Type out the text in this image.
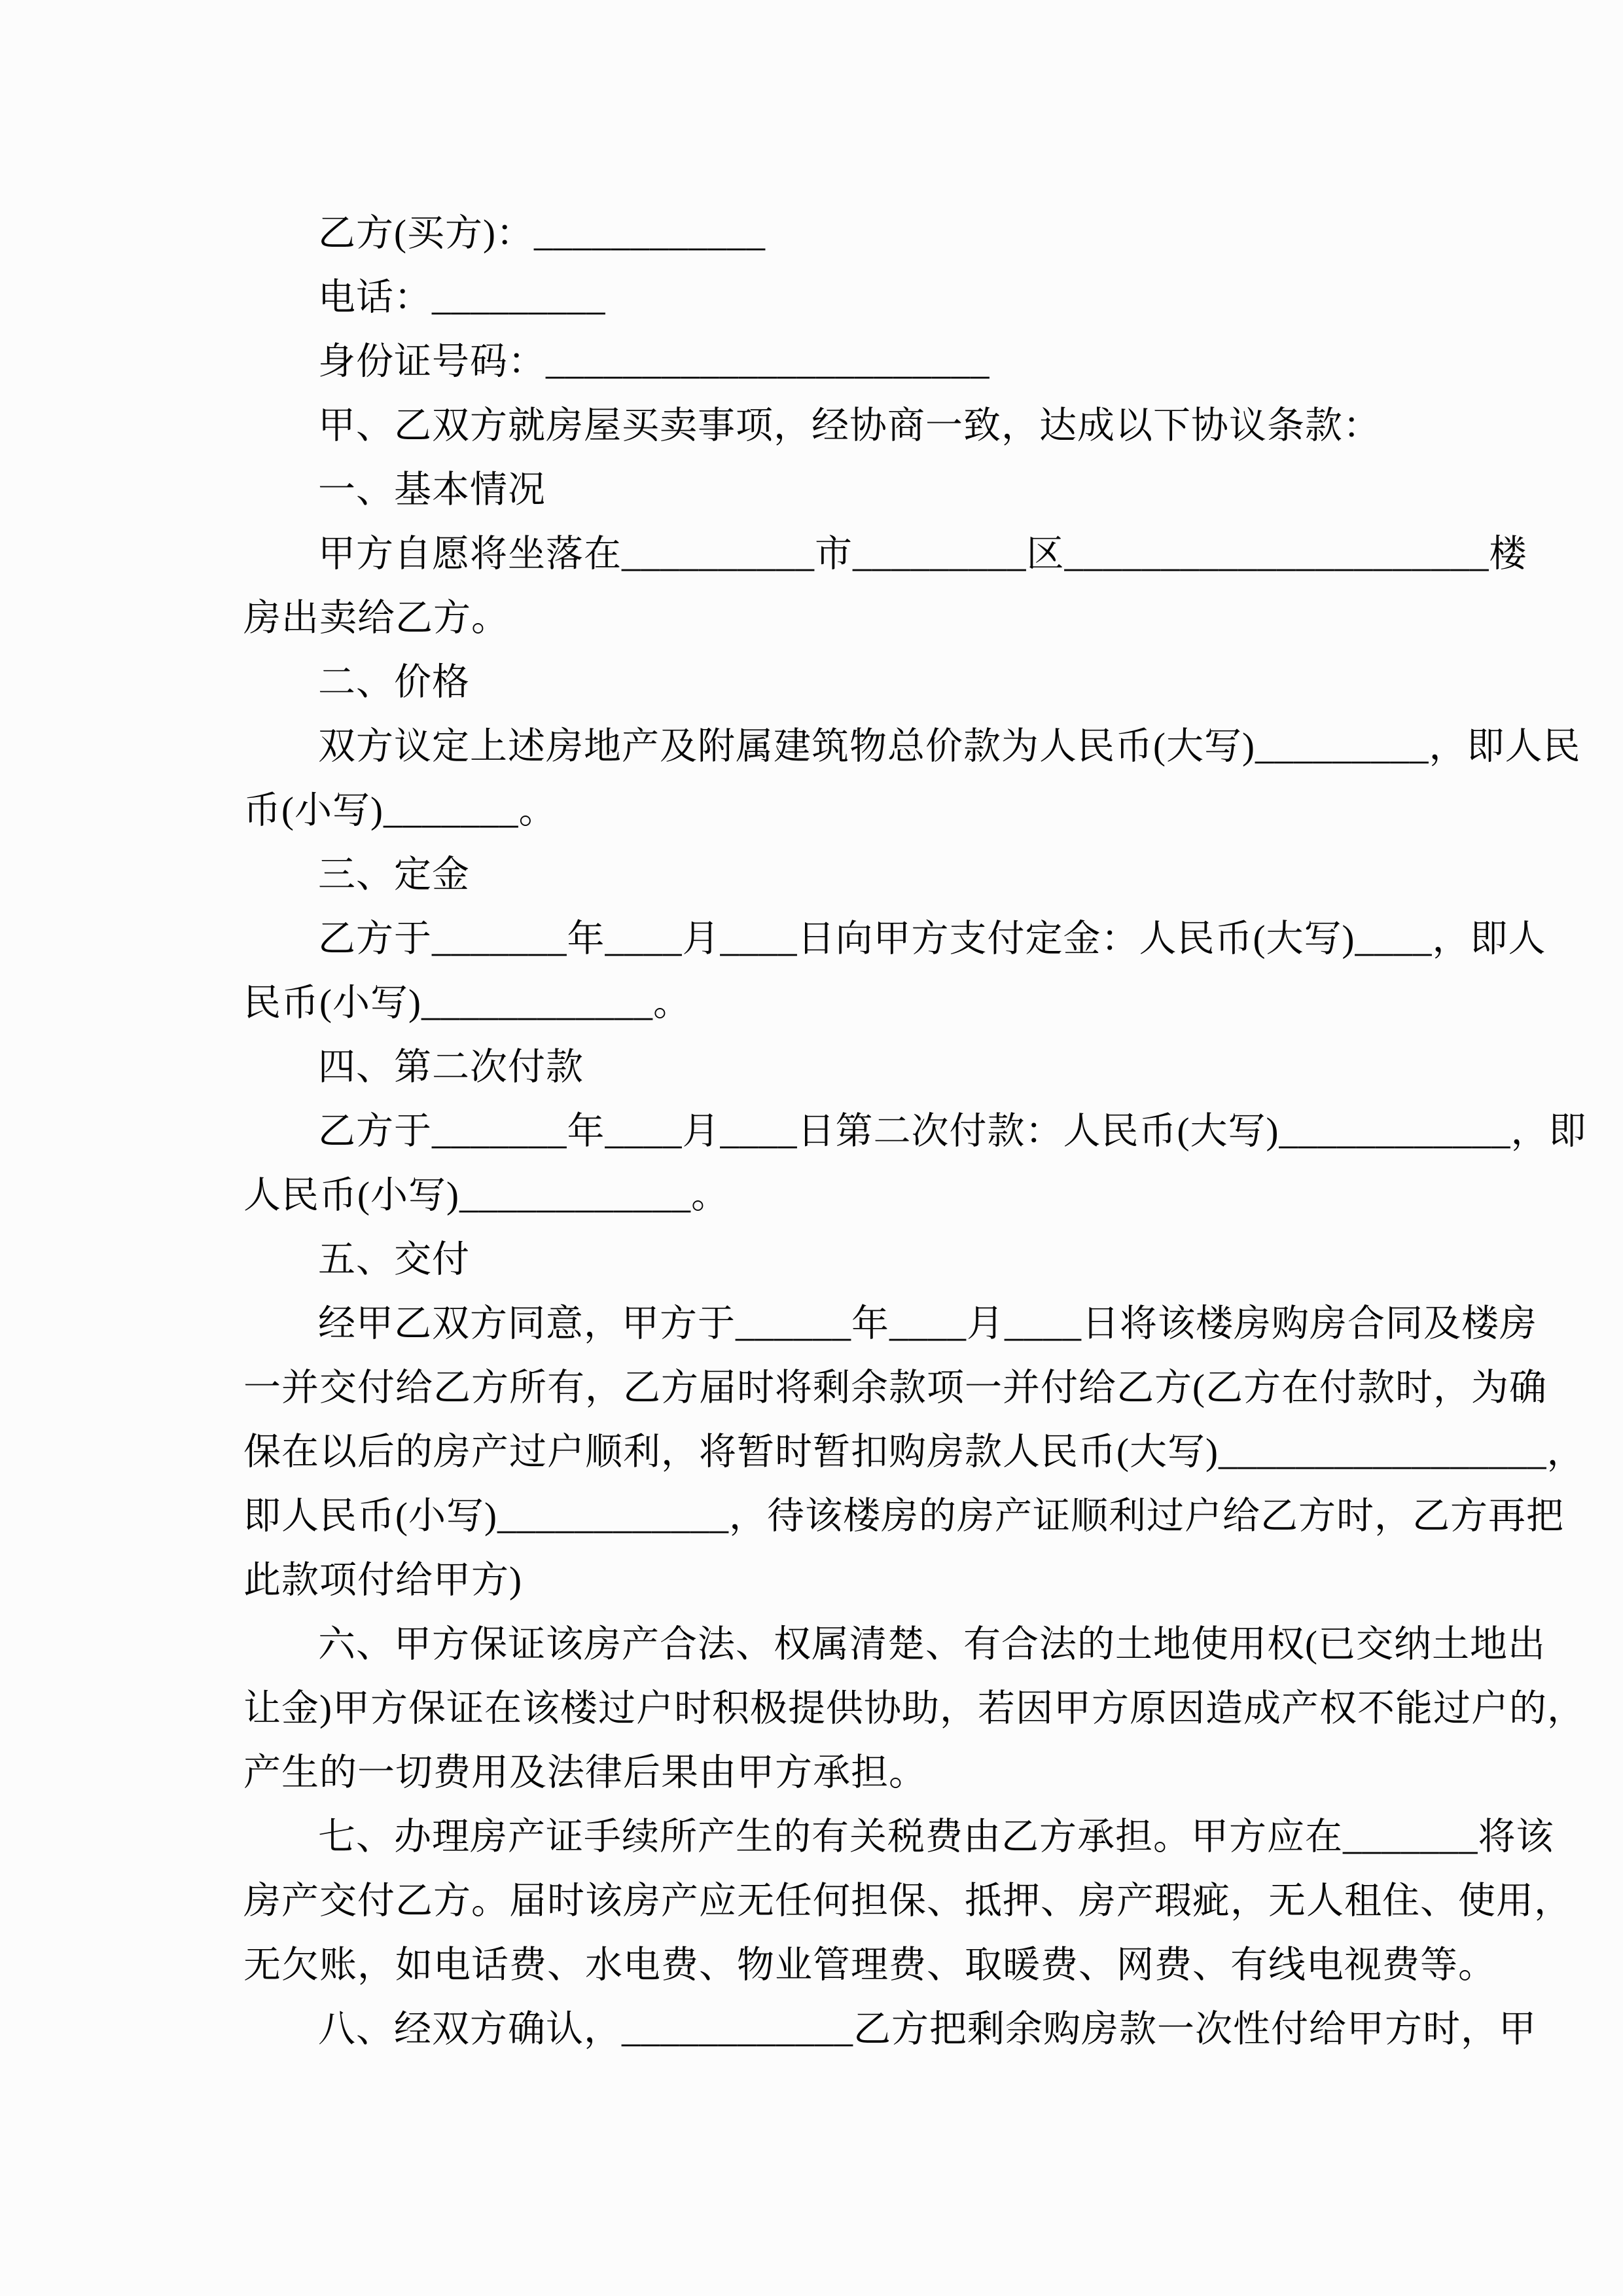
乙方(买方)：____________
电话：_________
身份证号码：_______________________
甲、乙双方就房屋买卖事项，经协商一致，达成以下协议条款：
一、基本情况
甲方自愿将坐落在__________市_________区______________________楼
房出卖给乙方。
二、价格
双方议定上述房地产及附属建筑物总价款为人民币(大写)_________，即人民
币(小写)_______。
三、定金
乙方于_______年____月____日向甲方支付定金：人民币(大写)____，即人
民币(小写)____________。
四、第二次付款
乙方于_______年____月____日第二次付款：人民币(大写)____________，即
人民币(小写)____________。
五、交付
经甲乙双方同意，甲方于______年____月____日将该楼房购房合同及楼房
一并交付给乙方所有，乙方届时将剩余款项一并付给乙方(乙方在付款时，为确
保在以后的房产过户顺利，将暂时暂扣购房款人民币(大写)_________________，
即人民币(小写)____________，待该楼房的房产证顺利过户给乙方时，乙方再把
此款项付给甲方)
六、甲方保证该房产合法、权属清楚、有合法的土地使用权(已交纳土地出
让金)甲方保证在该楼过户时积极提供协助，若因甲方原因造成产权不能过户的，
产生的一切费用及法律后果由甲方承担。
七、办理房产证手续所产生的有关税费由乙方承担。甲方应在_______将该
房产交付乙方。届时该房产应无任何担保、抵押、房产瑕疵，无人租住、使用，
无欠账，如电话费、水电费、物业管理费、取暖费、网费、有线电视费等。
八、经双方确认，____________乙方把剩余购房款一次性付给甲方时，甲
